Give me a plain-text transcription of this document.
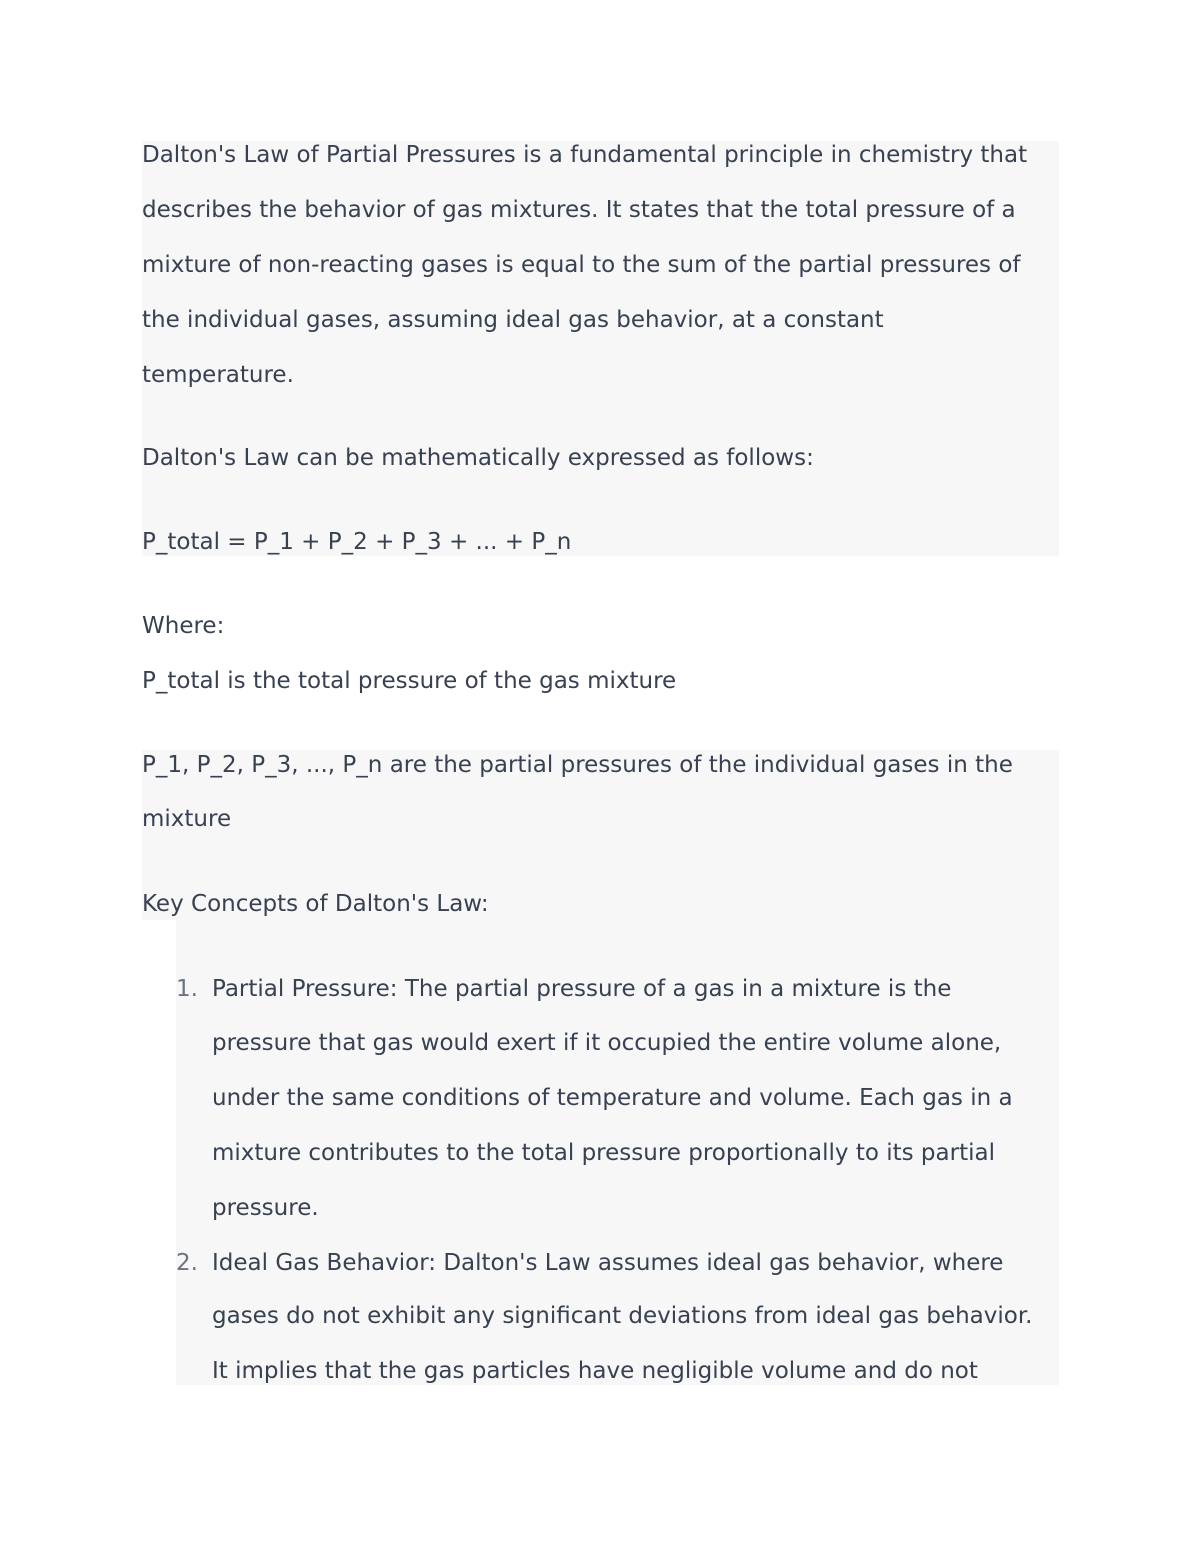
Dalton's Law of Partial Pressures is a fundamental principle in chemistry that
describes the behavior of gas mixtures. It states that the total pressure of a
mixture of non-reacting gases is equal to the sum of the partial pressures of
the individual gases, assuming ideal gas behavior, at a constant
temperature.
Dalton's Law can be mathematically expressed as follows:
P_total = P_1 + P_2 + P_3 + ... + P_n
Where:
P_total is the total pressure of the gas mixture
P_1, P_2, P_3, ..., P_n are the partial pressures of the individual gases in the
mixture
Key Concepts of Dalton's Law:
1. Partial Pressure: The partial pressure of a gas in a mixture is the
pressure that gas would exert if it occupied the entire volume alone,
under the same conditions of temperature and volume. Each gas in a
mixture contributes to the total pressure proportionally to its partial
pressure.
2. Ideal Gas Behavior: Dalton's Law assumes ideal gas behavior, where
gases do not exhibit any significant deviations from ideal gas behavior.
It implies that the gas particles have negligible volume and do not
